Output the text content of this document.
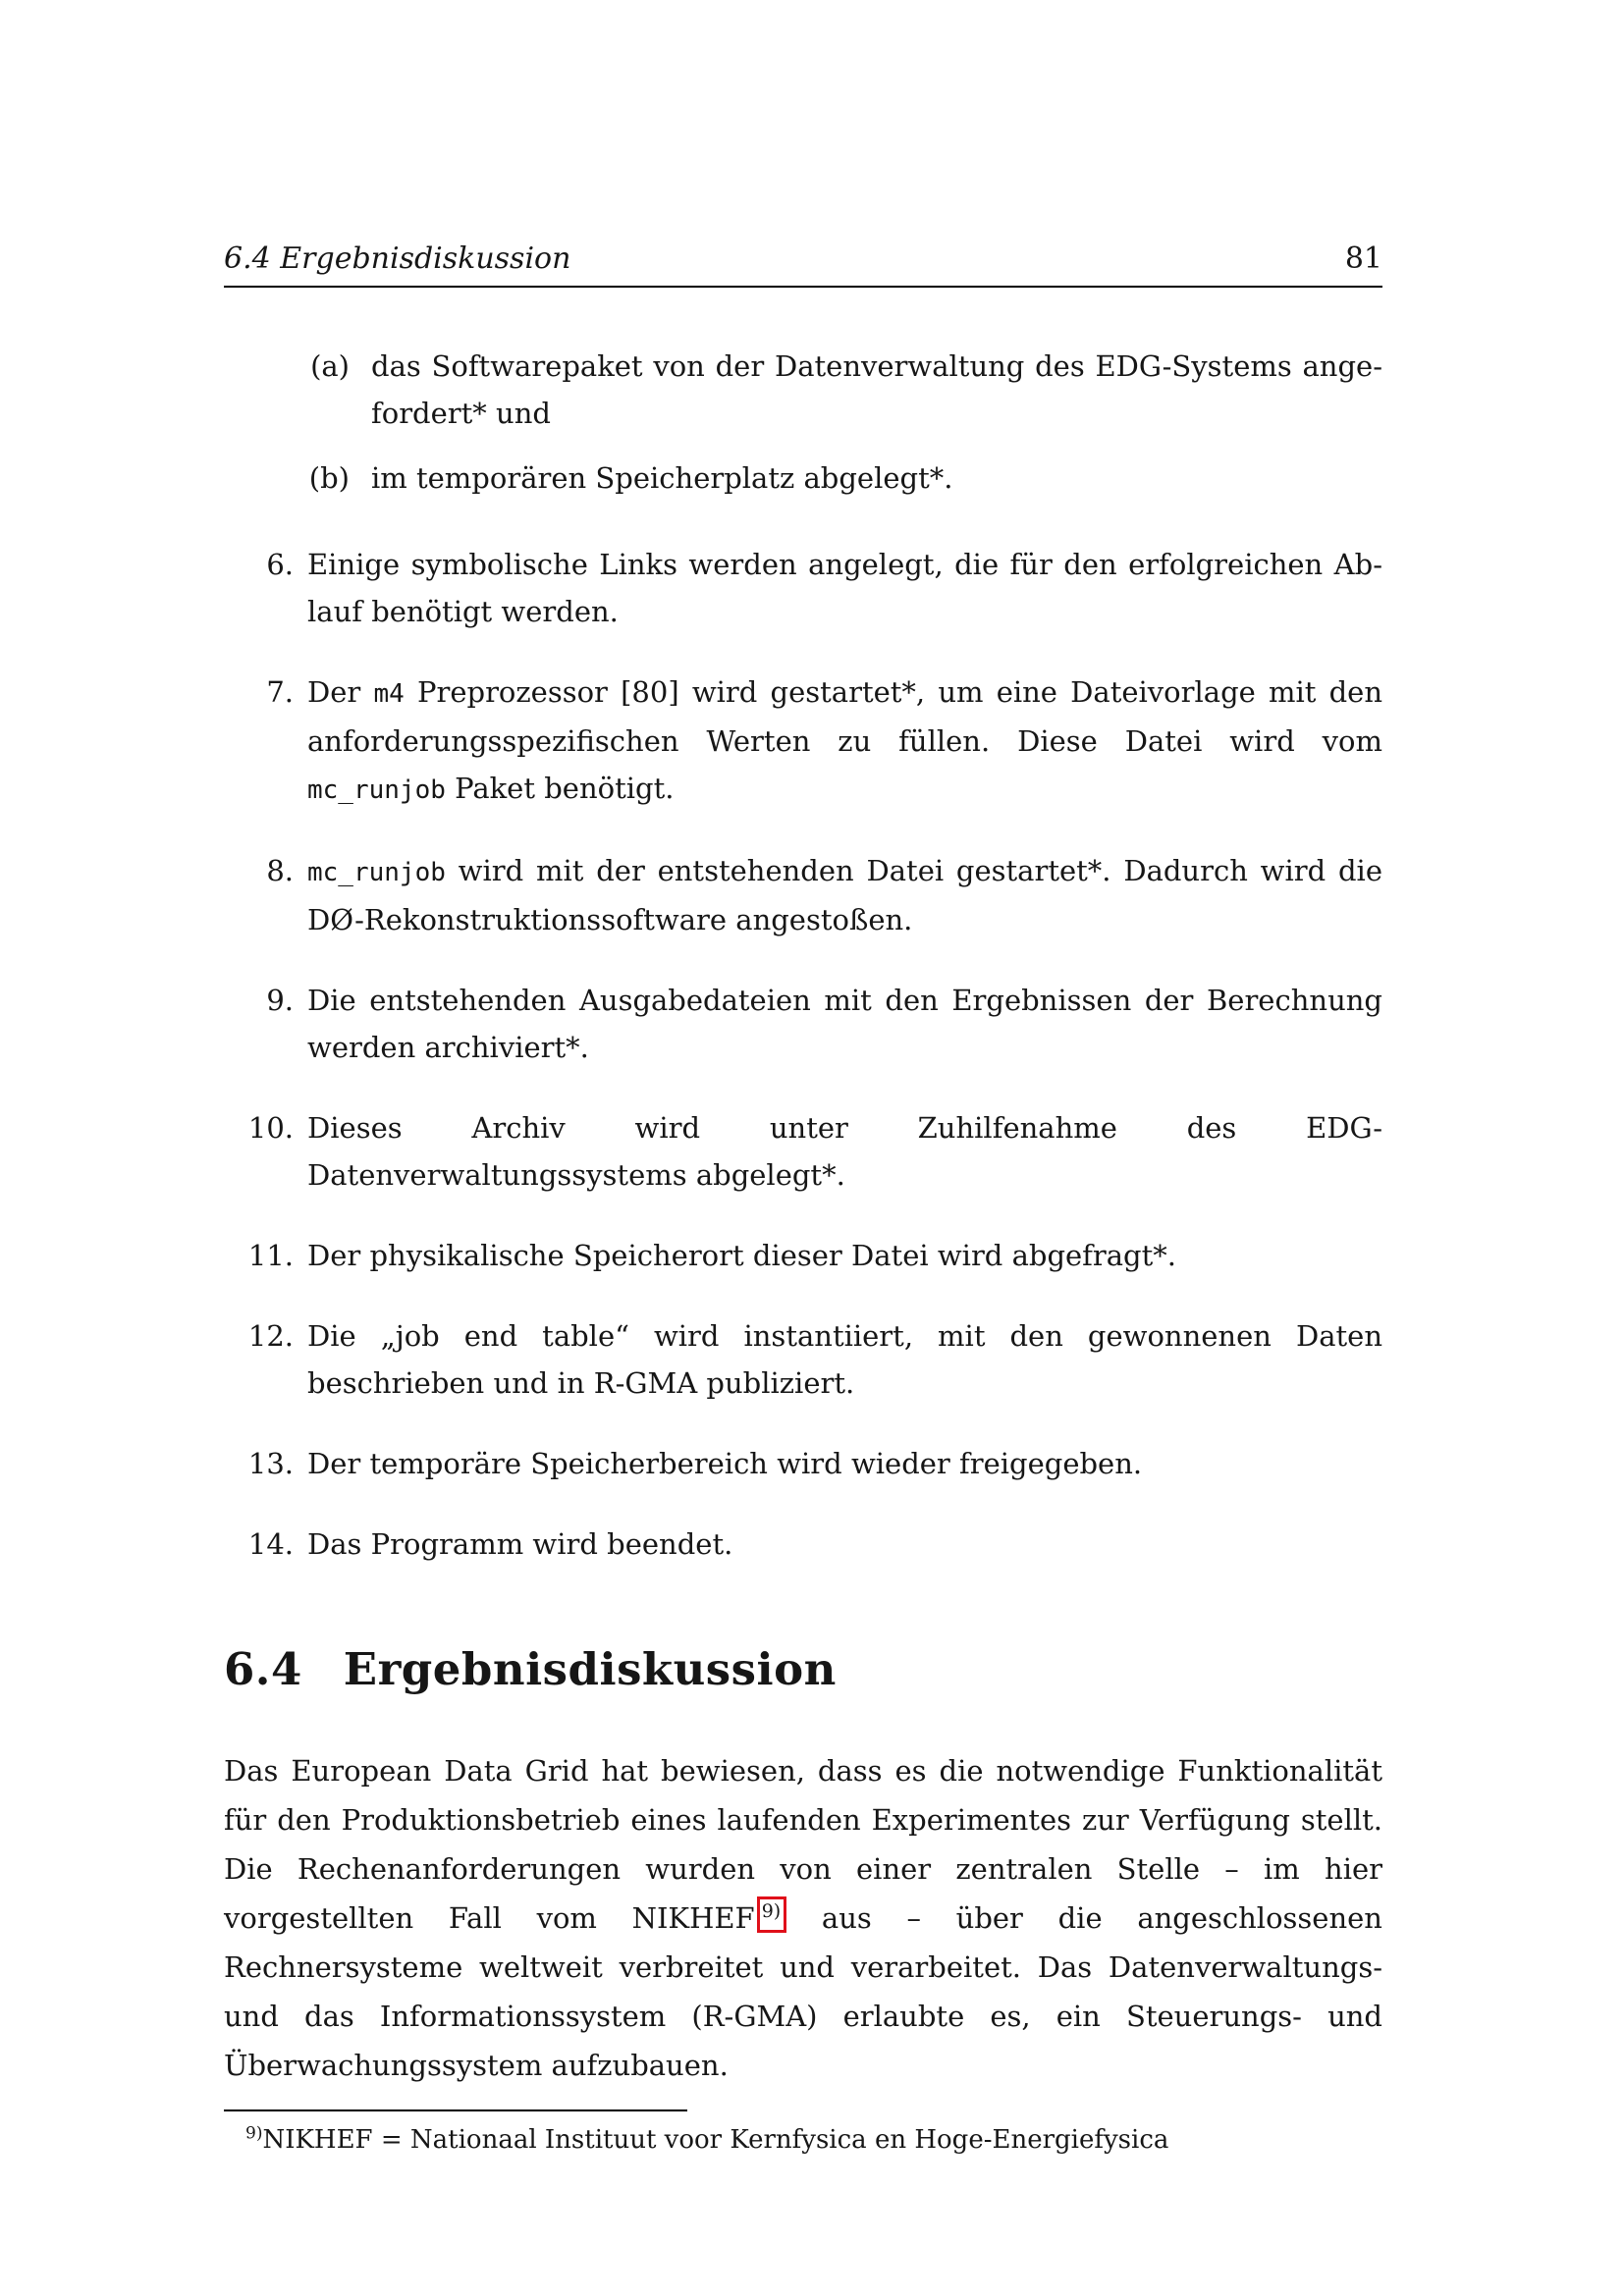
6.4 Ergebnisdiskussion	81
(a) das Softwarepaket von der Datenverwaltung des EDG-Systems angefordert* und
(b) im temporären Speicherplatz abgelegt*.
6. Einige symbolische Links werden angelegt, die für den erfolgreichen Ablauf benötigt werden.
7. Der m4 Preprozessor [80] wird gestartet*, um eine Dateivorlage mit den anforderungsspezifischen Werten zu füllen. Diese Datei wird vom mc_runjob Paket benötigt.
8. mc_runjob wird mit der entstehenden Datei gestartet*. Dadurch wird die DØ-Rekonstruktionssoftware angestoßen.
9. Die entstehenden Ausgabedateien mit den Ergebnissen der Berechnung werden archiviert*.
10. Dieses Archiv wird unter Zuhilfenahme des EDG-Datenverwaltungssystems abgelegt*.
11. Der physikalische Speicherort dieser Datei wird abgefragt*.
12. Die „job end table“ wird instantiiert, mit den gewonnenen Daten beschrieben und in R-GMA publiziert.
13. Der temporäre Speicherbereich wird wieder freigegeben.
14. Das Programm wird beendet.
6.4 Ergebnisdiskussion

Das European Data Grid hat bewiesen, dass es die notwendige Funktionalität für den Produktionsbetrieb eines laufenden Experimentes zur Verfügung stellt. Die Rechenanforderungen wurden von einer zentralen Stelle – im hier vorgestellten Fall vom NIKHEF $^{9)}$ aus – über die angeschlossenen Rechnersysteme weltweit verbreitet und verarbeitet. Das Datenverwaltungs- und das Informationssystem (R-GMA) erlaubte es, ein Steuerungs- und Überwachungssystem aufzubauen.

$^{9)}$NIKHEF = Nationaal Instituut voor Kernfysica en Hoge-Energiefysica
